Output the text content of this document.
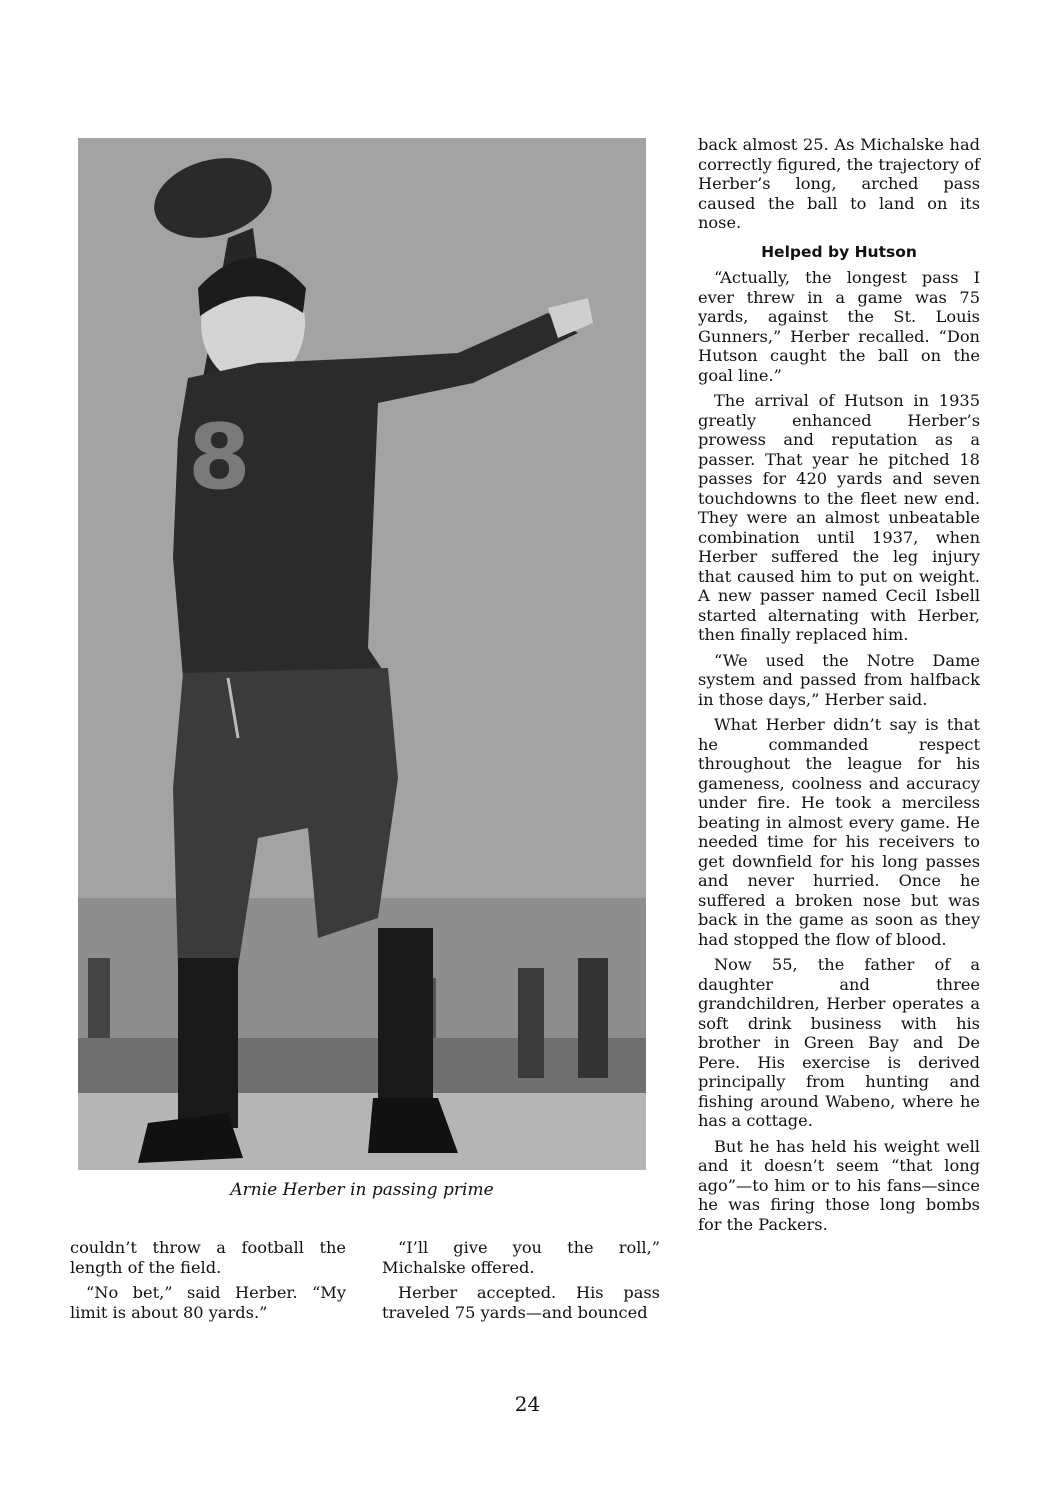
8
Arnie Herber in passing prime

couldn’t throw a football the length of the field.

“No bet,” said Herber. “My limit is about 80 yards.”

“I’ll give you the roll,” Michalske offered.

Herber accepted. His pass traveled 75 yards—and bounced

back almost 25. As Michalske had correctly figured, the trajectory of Herber’s long, arched pass caused the ball to land on its nose.

Helped by Hutson

“Actually, the longest pass I ever threw in a game was 75 yards, against the St. Louis Gunners,” Herber recalled. “Don Hutson caught the ball on the goal line.”

The arrival of Hutson in 1935 greatly enhanced Herber’s prowess and reputation as a passer. That year he pitched 18 passes for 420 yards and seven touchdowns to the fleet new end. They were an almost unbeatable combination until 1937, when Herber suffered the leg injury that caused him to put on weight. A new passer named Cecil Isbell started alternating with Herber, then finally replaced him.

“We used the Notre Dame system and passed from halfback in those days,” Herber said.

What Herber didn’t say is that he commanded respect throughout the league for his gameness, coolness and accuracy under fire. He took a merciless beating in almost every game. He needed time for his receivers to get downfield for his long passes and never hurried. Once he suffered a broken nose but was back in the game as soon as they had stopped the flow of blood.

Now 55, the father of a daughter and three grandchildren, Herber operates a soft drink business with his brother in Green Bay and De Pere. His exercise is derived principally from hunting and fishing around Wabeno, where he has a cottage.

But he has held his weight well and it doesn’t seem “that long ago”—to him or to his fans—since he was firing those long bombs for the Packers.

24
